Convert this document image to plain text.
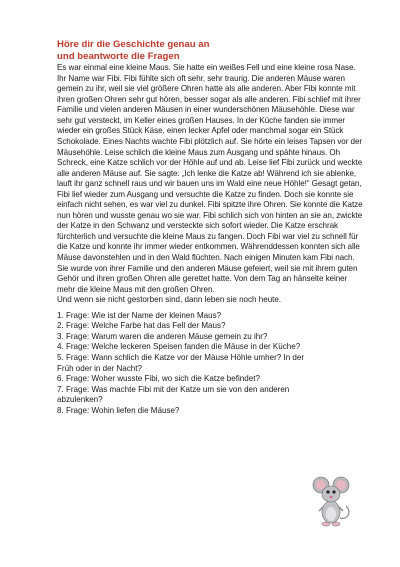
Höre dir die Geschichte genau an
und beantworte die Fragen

Es war einmal eine kleine Maus. Sie hatte ein weißes Fell und eine kleine rosa Nase. Ihr Name war Fibi. Fibi fühlte sich oft sehr, sehr traurig. Die anderen Mäuse waren gemein zu ihr, weil sie viel größere Ohren hatte als alle anderen. Aber Fibi konnte mit ihren großen Ohren sehr gut hören, besser sogar als alle anderen. Fibi schlief mit ihrer Familie und vielen anderen Mäusen in einer wunderschönen Mäusehöhle. Diese war sehr gut versteckt, im Keller eines großen Hauses. In der Küche fanden sie immer wieder ein großes Stück Käse, einen lecker Apfel oder manchmal sogar ein Stück Schokolade. Eines Nachts wachte Fibi plötzlich auf. Sie hörte ein leises Tapsen vor der Mäusehöhle. Leise schlich die kleine Maus zum Ausgang und spähte hinaus. Oh Schreck, eine Katze schlich vor der Höhle auf und ab. Leise lief Fibi zurück und weckte alle anderen Mäuse auf. Sie sagte: „Ich lenke die Katze ab! Während ich sie ablenke, lauft ihr ganz schnell raus und wir bauen uns im Wald eine neue Höhle!“ Gesagt getan, Fibi lief wieder zum Ausgang und versuchte die Katze zu finden. Doch sie konnte sie einfach nicht sehen, es war viel zu dunkel. Fibi spitzte ihre Ohren. Sie konnte die Katze nun hören und wusste genau wo sie war. Fibi schlich sich von hinten an sie an, zwickte der Katze in den Schwanz und versteckte sich sofort wieder. Die Katze erschrak fürchterlich und versuchte die kleine Maus zu fangen. Doch Fibi war viel zu schnell für die Katze und konnte ihr immer wieder entkommen. Währenddessen konnten sich alle Mäuse davonstehlen und in den Wald flüchten. Nach einigen Minuten kam Fibi nach. Sie wurde von ihrer Familie und den anderen Mäuse gefeiert, weil sie mit ihrem guten Gehör und ihren großen Ohren alle gerettet hatte. Von dem Tag an hänselte keiner mehr die kleine Maus mit den großen Ohren.

Und wenn sie nicht gestorben sind, dann leben sie noch heute.

1. Frage: Wie ist der Name der kleinen Maus?
2. Frage: Welche Farbe hat das Fell der Maus?
3. Frage: Warum waren die anderen Mäuse gemein zu ihr?
4. Frage: Welche leckeren Speisen fanden die Mäuse in der Küche?
5. Frage: Wann schlich die Katze vor der Mäuse Höhle umher? In der Früh oder in der Nacht?
6. Frage: Woher wusste Fibi, wo sich die Katze befindet?
7. Frage: Was machte Fibi mit der Katze um sie von den anderen abzulenken?
8. Frage: Wohin liefen die Mäuse?
